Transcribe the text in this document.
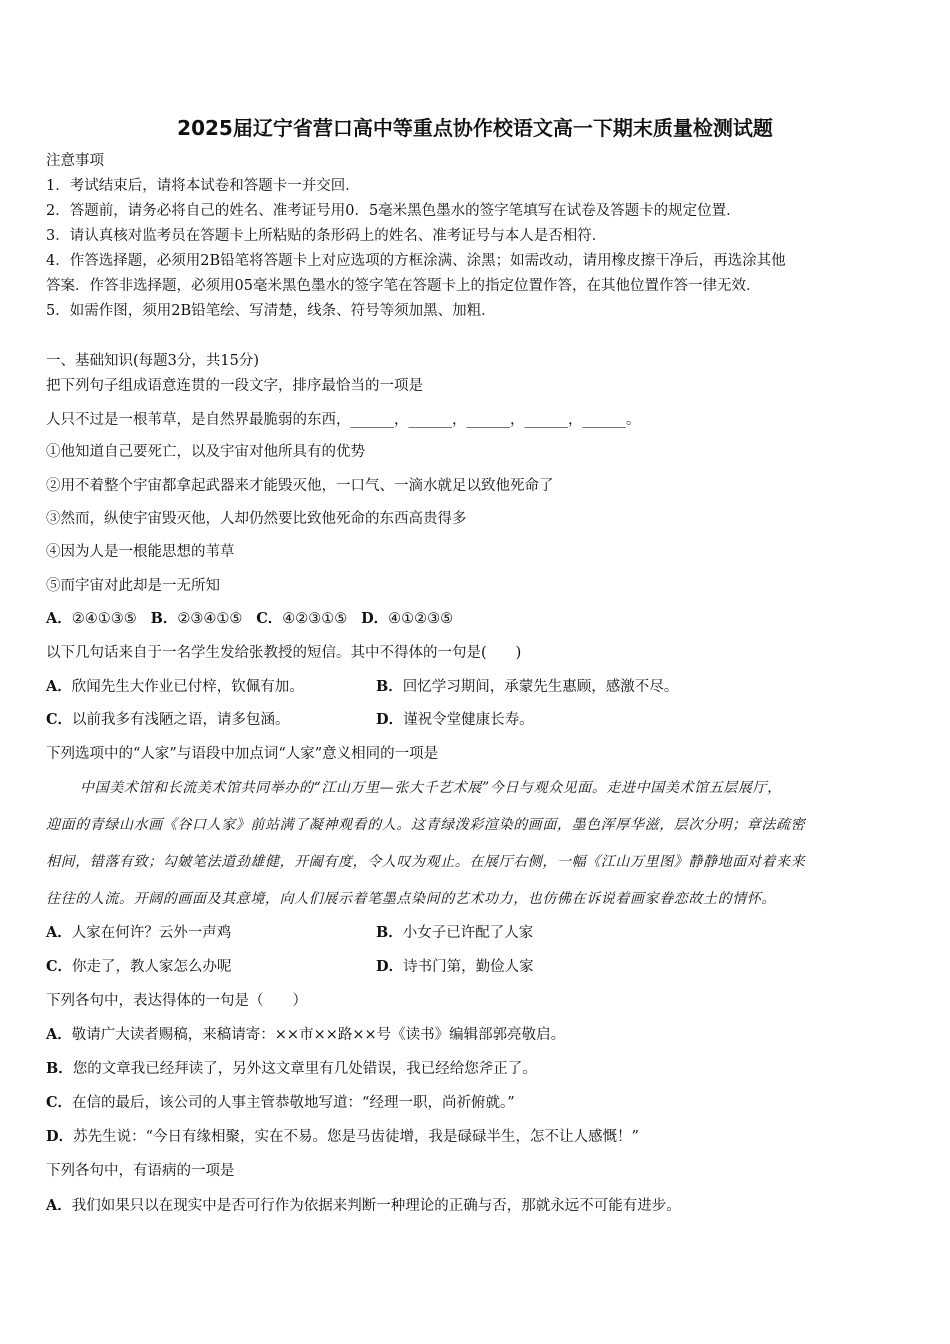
2025届辽宁省营口高中等重点协作校语文高一下期末质量检测试题
注意事项
1．考试结束后，请将本试卷和答题卡一并交回．
2．答题前，请务必将自己的姓名、准考证号用0．5毫米黑色墨水的签字笔填写在试卷及答题卡的规定位置．
3．请认真核对监考员在答题卡上所粘贴的条形码上的姓名、准考证号与本人是否相符．
4．作答选择题，必须用2B铅笔将答题卡上对应选项的方框涂满、涂黑；如需改动，请用橡皮擦干净后，再选涂其他
答案．作答非选择题，必须用05毫米黑色墨水的签字笔在答题卡上的指定位置作答，在其他位置作答一律无效．
5．如需作图，须用2B铅笔绘、写清楚，线条、符号等须加黑、加粗．
一、基础知识(每题3分，共15分)
把下列句子组成语意连贯的一段文字，排序最恰当的一项是
人只不过是一根苇草，是自然界最脆弱的东西，______，______，______，______，______。
①他知道自己要死亡，以及宇宙对他所具有的优势
②用不着整个宇宙都拿起武器来才能毁灭他，一口气、一滴水就足以致他死命了
③然而，纵使宇宙毁灭他，人却仍然要比致他死命的东西高贵得多
④因为人是一根能思想的苇草
⑤而宇宙对此却是一无所知
A．②④①③⑤ B．②③④①⑤ C．④②③①⑤ D．④①②③⑤
以下几句话来自于一名学生发给张教授的短信。其中不得体的一句是(　　)
A．欣闻先生大作业已付梓，钦佩有加。	B．回忆学习期间，承蒙先生惠顾，感激不尽。
C．以前我多有浅陋之语，请多包涵。	D．谨祝令堂健康长寿。
下列选项中的“人家”与语段中加点词“人家”意义相同的一项是
中国美术馆和长流美术馆共同举办的“江山万里—张大千艺术展”今日与观众见面。走进中国美术馆五层展厅，
迎面的青绿山水画《谷口人家》前站满了凝神观看的人。这青绿泼彩渲染的画面，墨色浑厚华滋，层次分明；章法疏密
相间，错落有致；勾皴笔法道劲雄健，开阖有度，令人叹为观止。在展厅右侧，一幅《江山万里图》静静地面对着来来
往往的人流。开阔的画面及其意境，向人们展示着笔墨点染间的艺术功力，也仿佛在诉说着画家眷恋故土的情怀。
A．人家在何许？云外一声鸡	B．小女子已许配了人家
C．你走了，教人家怎么办呢	D．诗书门第，勤俭人家
下列各句中，表达得体的一句是（　　）
A．敬请广大读者赐稿，来稿请寄：××市××路××号《读书》编辑部郭亮敬启。
B．您的文章我已经拜读了，另外这文章里有几处错误，我已经给您斧正了。
C．在信的最后，该公司的人事主管恭敬地写道：“经理一职，尚祈俯就。”
D．苏先生说：“今日有缘相聚，实在不易。您是马齿徒增，我是碌碌半生，怎不让人感慨！”
下列各句中，有语病的一项是
A．我们如果只以在现实中是否可行作为依据来判断一种理论的正确与否，那就永远不可能有进步。
